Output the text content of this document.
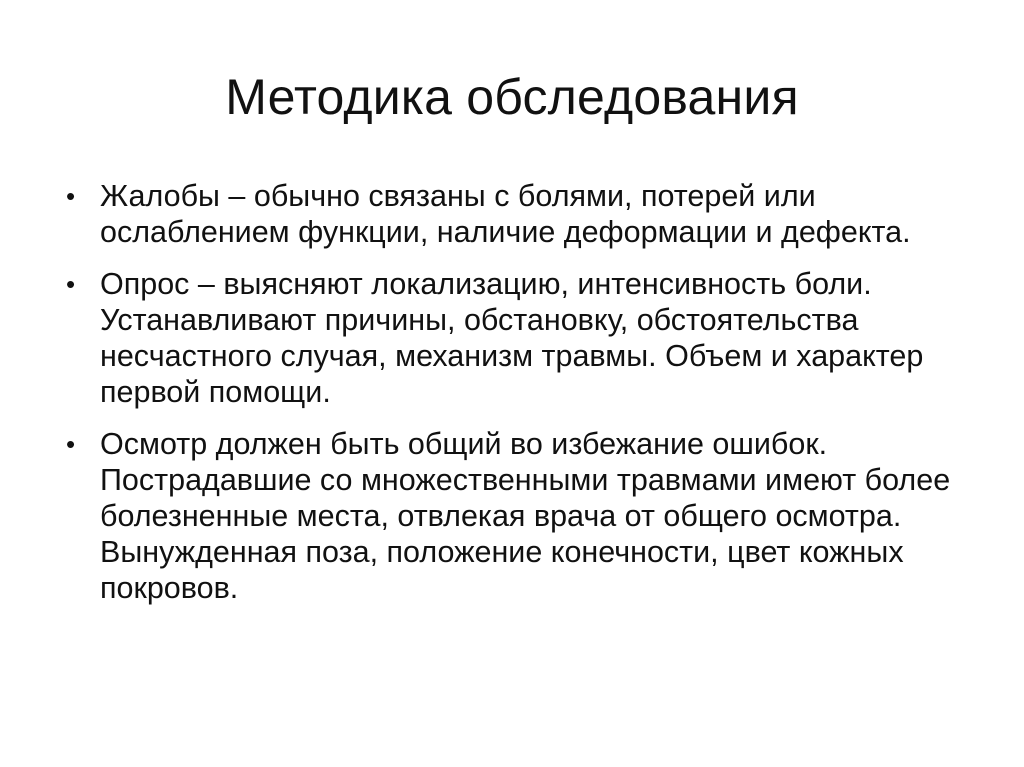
Методика обследования
• Жалобы – обычно связаны с болями, потерей или ослаблением функции, наличие деформации и дефекта.
• Опрос – выясняют локализацию, интенсивность боли. Устанавливают причины, обстановку, обстоятельства несчастного случая, механизм травмы. Объем и характер первой помощи.
• Осмотр должен быть общий во избежание ошибок. Пострадавшие со множественными травмами имеют более болезненные места, отвлекая врача от общего осмотра. Вынужденная поза, положение конечности, цвет кожных покровов.
